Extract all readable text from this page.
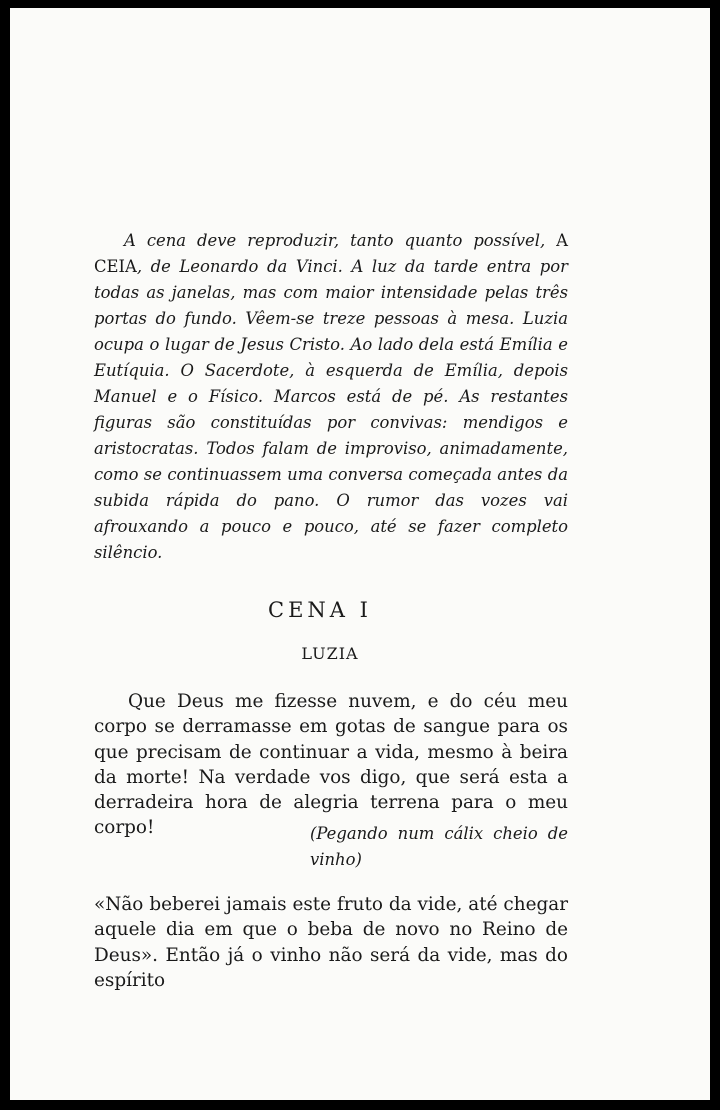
A cena deve reproduzir, tanto quanto possível, A CEIA, de Leonardo da Vinci. A luz da tarde entra por todas as janelas, mas com maior intensidade pelas três portas do fundo. Vêem-se treze pessoas à mesa. Luzia ocupa o lugar de Jesus Cristo. Ao lado dela está Emília e Eutíquia. O Sacerdote, à esquerda de Emília, depois Manuel e o Físico. Marcos está de pé. As restantes figuras são constituídas por convivas: mendigos e aristocratas. Todos falam de improviso, animadamente, como se continuassem uma conversa começada antes da subida rápida do pano. O rumor das vozes vai afrouxando a pouco e pouco, até se fazer completo silêncio.

CENA I
LUZIA

Que Deus me fizesse nuvem, e do céu meu corpo se derramasse em gotas de sangue para os que precisam de continuar a vida, mesmo à beira da morte! Na verdade vos digo, que será esta a derradeira hora de alegria terrena para o meu corpo!	(Pegando num cálix cheio de vinho)

«Não beberei jamais este fruto da vide, até chegar aquele dia em que o beba de novo no Reino de Deus». Então já o vinho não será da vide, mas do espírito
